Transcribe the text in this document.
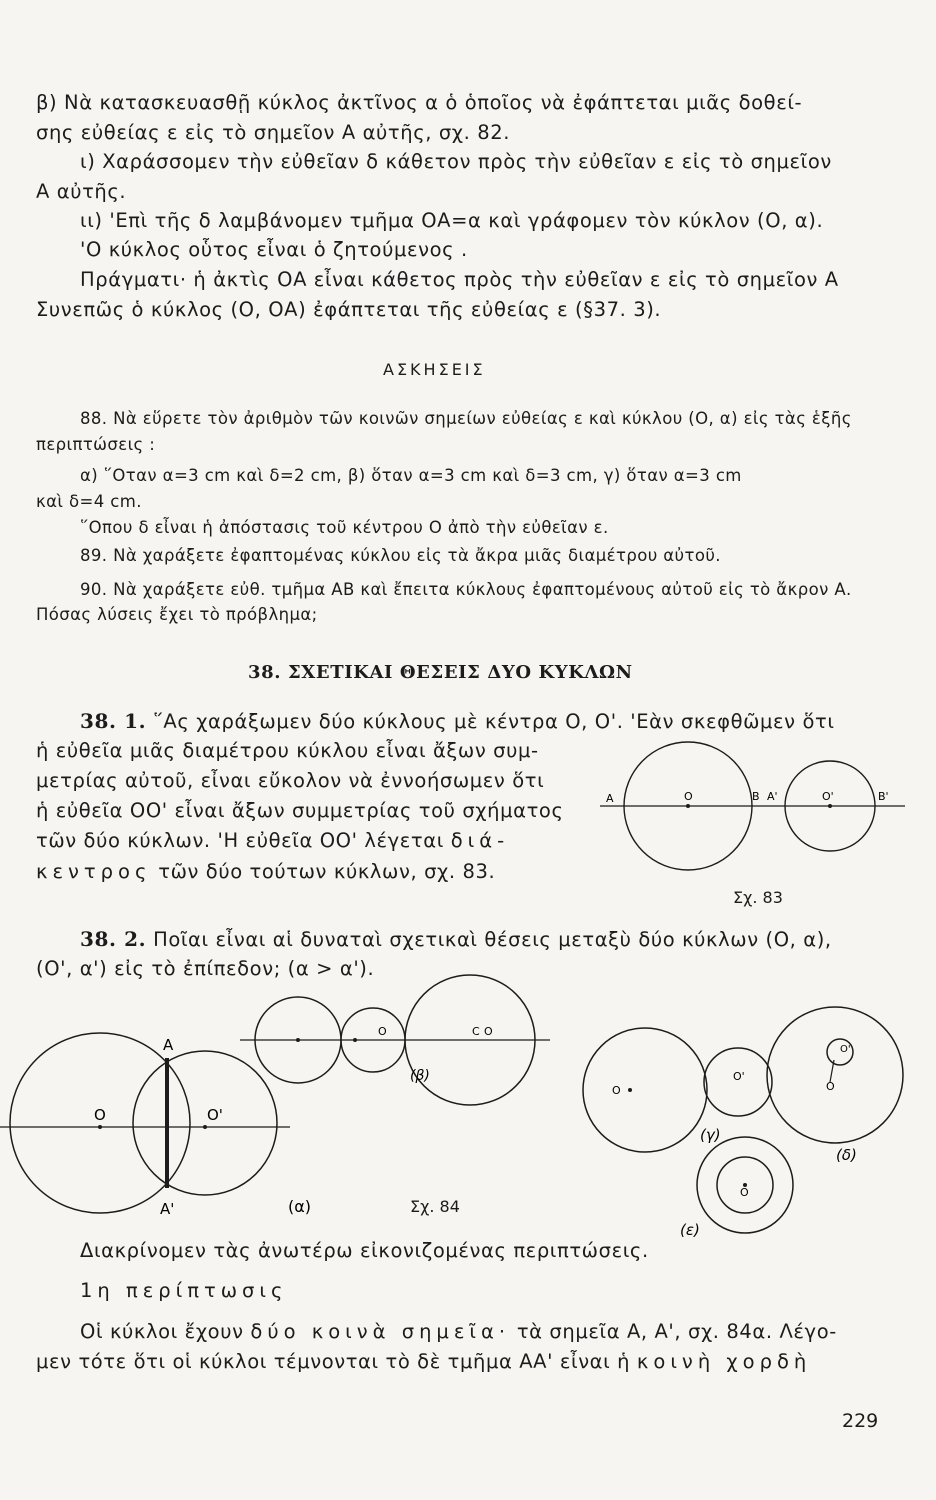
β) Νὰ κατασκευασθῇ κύκλος ἀκτῖνος α ὁ ὁποῖος νὰ ἐφάπτεται μιᾶς δοθεί-
σης εὐθείας ε εἰς τὸ σημεῖον Α αὐτῆς, σχ. 82.
ι) Χαράσσομεν τὴν εὐθεῖαν δ κάθετον πρὸς τὴν εὐθεῖαν ε εἰς τὸ σημεῖον
Α αὐτῆς.
ιι) 'Επὶ τῆς δ λαμβάνομεν τμῆμα ΟΑ=α καὶ γράφομεν τὸν κύκλον (Ο, α).
'Ο κύκλος οὗτος εἶναι ὁ ζητούμενος .
Πράγματι· ἡ ἀκτὶς ΟΑ εἶναι κάθετος πρὸς τὴν εὐθεῖαν ε εἰς τὸ σημεῖον Α
Συνεπῶς ὁ κύκλος (Ο, ΟΑ) ἐφάπτεται τῆς εὐθείας ε (§37. 3).
ΑΣΚΗΣΕΙΣ
88. Νὰ εὕρετε τὸν ἀριθμὸν τῶν κοινῶν σημείων εὐθείας ε καὶ κύκλου (Ο, α) εἰς τὰς ἑξῆς
περιπτώσεις :
α) ῞Οταν α=3 cm καὶ δ=2 cm, β) ὅταν α=3 cm καὶ δ=3 cm, γ) ὅταν α=3 cm
καὶ δ=4 cm.
῞Οπου δ εἶναι ἡ ἀπόστασις τοῦ κέντρου Ο ἀπὸ τὴν εὐθεῖαν ε.
89. Νὰ χαράξετε ἐφαπτομένας κύκλου εἰς τὰ ἄκρα μιᾶς διαμέτρου αὐτοῦ.
90. Νὰ χαράξετε εὐθ. τμῆμα ΑΒ καὶ ἔπειτα κύκλους ἐφαπτομένους αὐτοῦ εἰς τὸ ἄκρον Α.
Πόσας λύσεις ἔχει τὸ πρόβλημα;
38. ΣΧΕΤΙΚΑΙ ΘΕΣΕΙΣ ΔΥΟ ΚΥΚΛΩΝ
38. 1. ῞Ας χαράξωμεν δύο κύκλους μὲ κέντρα Ο, Ο'. 'Εὰν σκεφθῶμεν ὅτι
ἡ εὐθεῖα μιᾶς διαμέτρου κύκλου εἶναι ἄξων συμ-
μετρίας αὐτοῦ, εἶναι εὔκολον νὰ ἐννοήσωμεν ὅτι
ἡ εὐθεῖα ΟΟ' εἶναι ἄξων συμμετρίας τοῦ σχήματος
τῶν δύο κύκλων. 'Η εὐθεῖα ΟΟ' λέγεται διά-
κεντρος τῶν δύο τούτων κύκλων, σχ. 83.
Α	Ο	Β Α'	Ο'	Β'
Σχ. 83
38. 2. Ποῖαι εἶναι αἱ δυναταὶ σχετικαὶ θέσεις μεταξὺ δύο κύκλων (Ο, α),
(Ο', α') εἰς τὸ ἐπίπεδον; (α > α').
Α
Α'
Ο	Ο'
(α)
Ο	C Ο
(β)
Ο
Ο'
(γ)
Ο
Ο'
(δ)
Ο
(ε)
Σχ. 84
Διακρίνομεν τὰς ἀνωτέρω εἰκονιζομένας περιπτώσεις.
1η περίπτωσις
Οἱ κύκλοι ἔχουν δύο κοινὰ σημεῖα· τὰ σημεῖα Α, Α', σχ. 84α. Λέγο-
μεν τότε ὅτι οἱ κύκλοι τέμνονται τὸ δὲ τμῆμα ΑΑ' εἶναι ἡ κοινὴ χορδὴ
229
